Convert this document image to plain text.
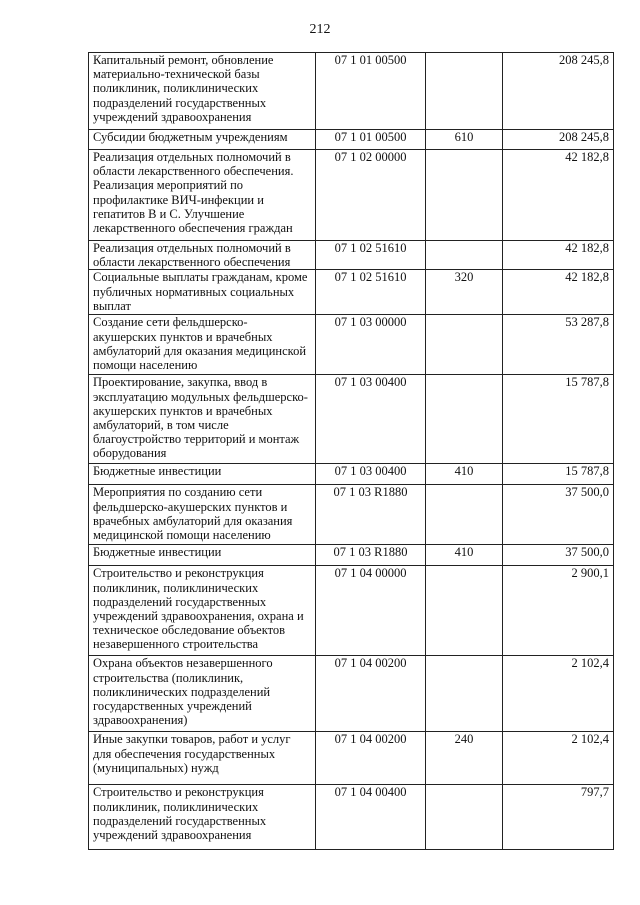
212
Капитальный ремонт, обновление материально-технической базы поликлиник, поликлинических подразделений государственных учреждений здравоохранения	07 1 01 00500		208 245,8
Субсидии бюджетным учреждениям	07 1 01 00500	610	208 245,8
Реализация отдельных полномочий в области лекарственного обеспечения. Реализация мероприятий по профилактике ВИЧ-инфекции и гепатитов В и С. Улучшение лекарственного обеспечения граждан	07 1 02 00000		42 182,8
Реализация отдельных полномочий в области лекарственного обеспечения	07 1 02 51610		42 182,8
Социальные выплаты гражданам, кроме публичных нормативных социальных выплат	07 1 02 51610	320	42 182,8
Создание сети фельдшерско-акушерских пунктов и врачебных амбулаторий для оказания медицинской помощи населению	07 1 03 00000		53 287,8
Проектирование, закупка, ввод в эксплуатацию модульных фельдшерско-акушерских пунктов и врачебных амбулаторий, в том числе благоустройство территорий и монтаж оборудования	07 1 03 00400		15 787,8
Бюджетные инвестиции	07 1 03 00400	410	15 787,8
Мероприятия по созданию сети фельдшерско-акушерских пунктов и врачебных амбулаторий для оказания медицинской помощи населению	07 1 03 R1880		37 500,0
Бюджетные инвестиции	07 1 03 R1880	410	37 500,0
Строительство и реконструкция поликлиник, поликлинических подразделений государственных учреждений здравоохранения, охрана и техническое обследование объектов незавершенного строительства	07 1 04 00000		2 900,1
Охрана объектов незавершенного строительства (поликлиник, поликлинических подразделений государственных учреждений здравоохранения)	07 1 04 00200		2 102,4
Иные закупки товаров, работ и услуг для обеспечения государственных (муниципальных) нужд	07 1 04 00200	240	2 102,4
Строительство и реконструкция поликлиник, поликлинических подразделений государственных учреждений здравоохранения	07 1 04 00400		797,7
